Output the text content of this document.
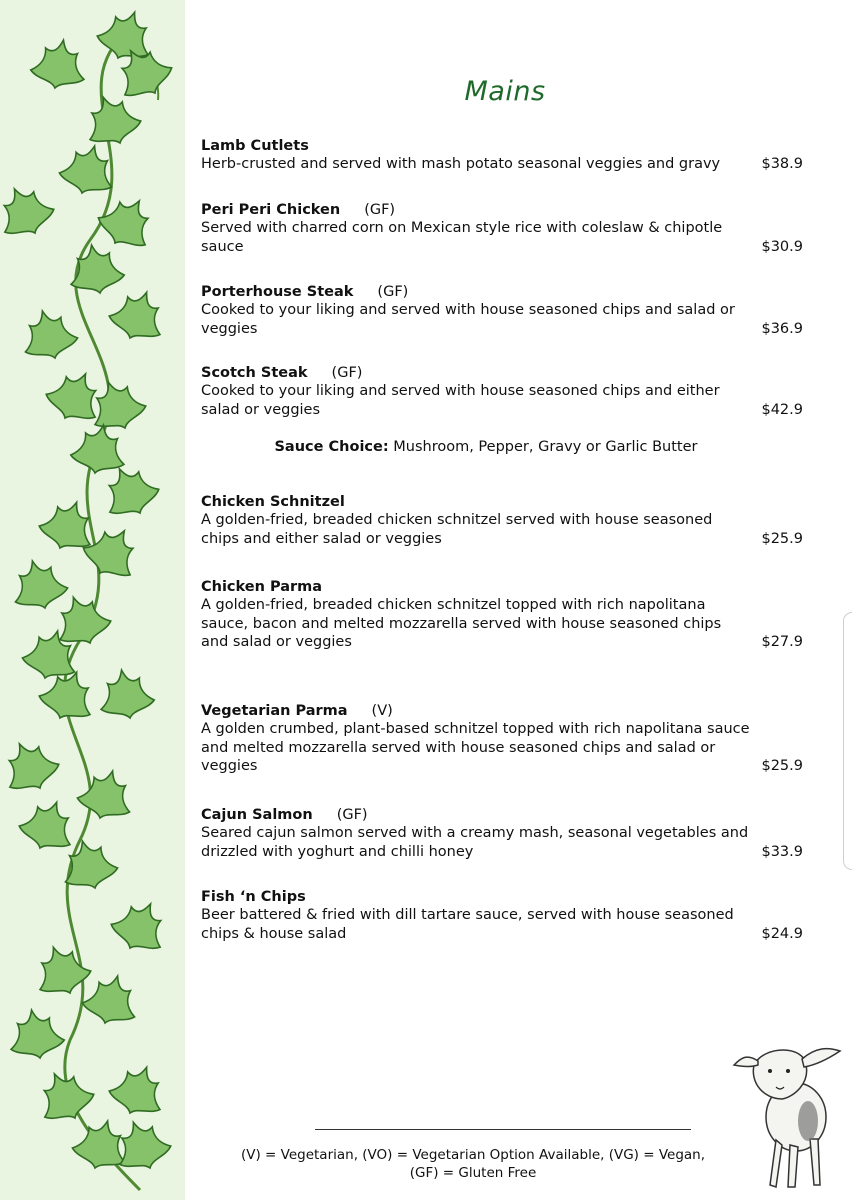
Mains
Lamb Cutlets
Herb-crusted and served with mash potato seasonal veggies and gravy	$38.9
Peri Peri Chicken (GF)
Served with charred corn on Mexican style rice with coleslaw & chipotle sauce	$30.9
Porterhouse Steak (GF)
Cooked to your liking and served with house seasoned chips and salad or veggies	$36.9
Scotch Steak (GF)
Cooked to your liking and served with house seasoned chips and either salad or veggies	$42.9
Chicken Schnitzel
A golden-fried, breaded chicken schnitzel served with house seasoned chips and either salad or veggies	$25.9
Chicken Parma
A golden-fried, breaded chicken schnitzel topped with rich napolitana sauce, bacon and melted mozzarella served with house seasoned chips and salad or veggies	$27.9
Vegetarian Parma (V)
A golden crumbed, plant-based schnitzel topped with rich napolitana sauce and melted mozzarella served with house seasoned chips and salad or veggies	$25.9
Cajun Salmon (GF)
Seared cajun salmon served with a creamy mash, seasonal vegetables and drizzled with yoghurt and chilli honey	$33.9
Fish ‘n Chips
Beer battered & fried with dill tartare sauce, served with house seasoned chips & house salad	$24.9
Sauce Choice: Mushroom, Pepper, Gravy or Garlic Butter
(V) = Vegetarian, (VO) = Vegetarian Option Available, (VG) = Vegan,
(GF) = Gluten Free
